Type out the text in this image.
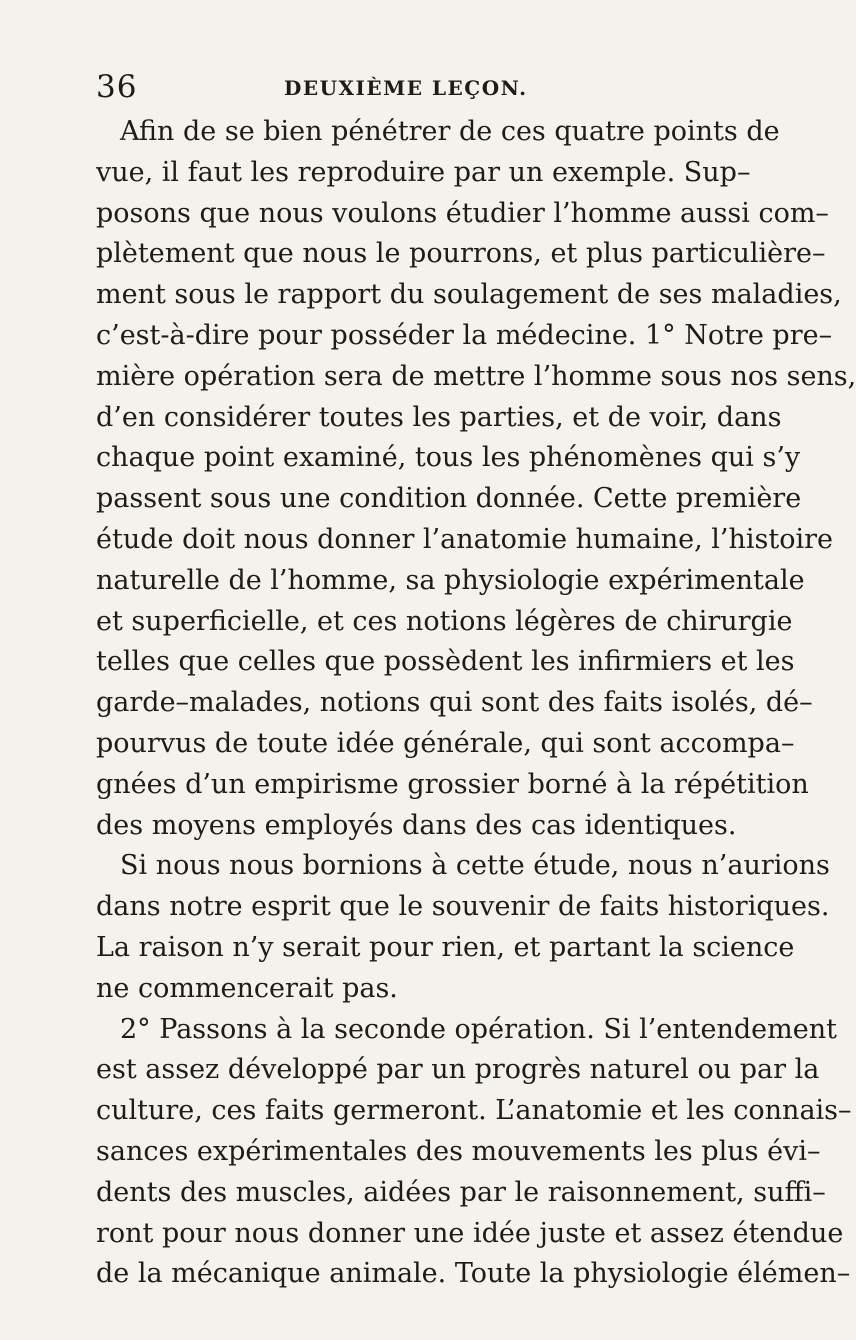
36	DEUXIÈME LEÇON.
Afin de se bien pénétrer de ces quatre points de
vue, il faut les reproduire par un exemple. Sup–
posons que nous voulons étudier l’homme aussi com–
plètement que nous le pourrons, et plus particulière–
ment sous le rapport du soulagement de ses maladies,
c’est-à-dire pour posséder la médecine. 1° Notre pre–
mière opération sera de mettre l’homme sous nos sens,
d’en considérer toutes les parties, et de voir, dans
chaque point examiné, tous les phénomènes qui s’y
passent sous une condition donnée. Cette première
étude doit nous donner l’anatomie humaine, l’histoire
naturelle de l’homme, sa physiologie expérimentale
et superficielle, et ces notions légères de chirurgie
telles que celles que possèdent les infirmiers et les
garde–malades, notions qui sont des faits isolés, dé–
pourvus de toute idée générale, qui sont accompa–
gnées d’un empirisme grossier borné à la répétition
des moyens employés dans des cas identiques.
Si nous nous bornions à cette étude, nous n’aurions
dans notre esprit que le souvenir de faits historiques.
La raison n’y serait pour rien, et partant la science
ne commencerait pas.
2° Passons à la seconde opération. Si l’entendement
est assez développé par un progrès naturel ou par la
culture, ces faits germeront. L’anatomie et les connais–
sances expérimentales des mouvements les plus évi–
dents des muscles, aidées par le raisonnement, suffi–
ront pour nous donner une idée juste et assez étendue
de la mécanique animale. Toute la physiologie élémen–
